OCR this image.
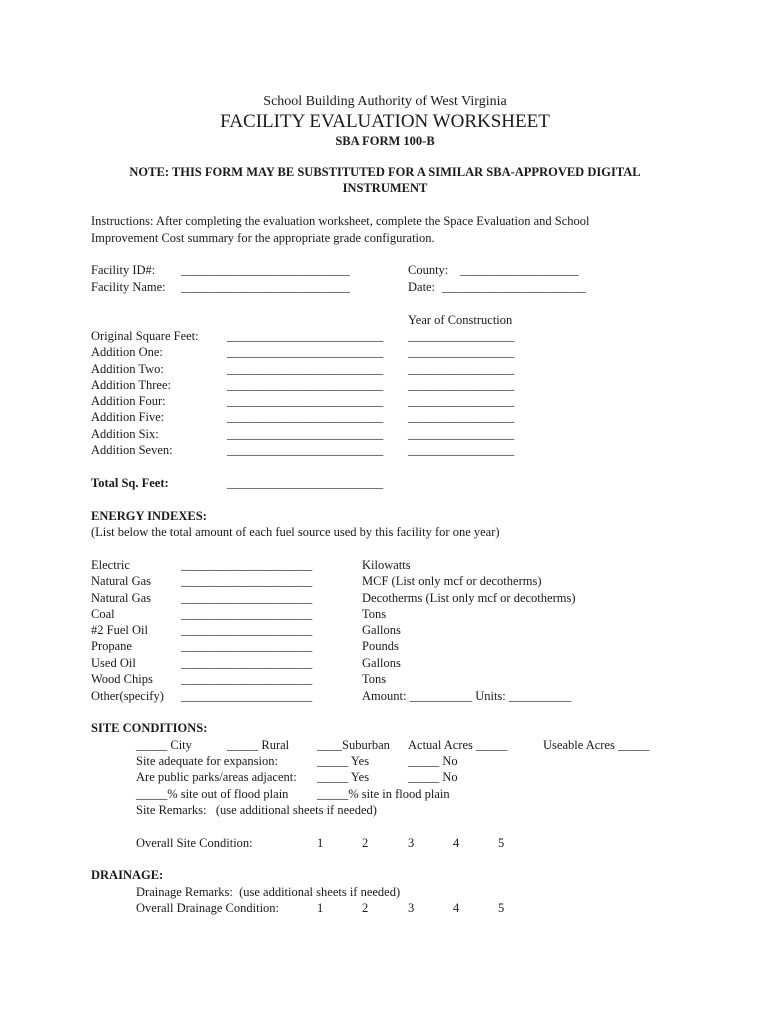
School Building Authority of West Virginia
FACILITY EVALUATION WORKSHEET
SBA FORM 100-B
NOTE: THIS FORM MAY BE SUBSTITUTED FOR A SIMILAR SBA-APPROVED DIGITAL
INSTRUMENT
Instructions: After completing the evaluation worksheet, complete the Space Evaluation and School
Improvement Cost summary for the appropriate grade configuration.
Facility ID#: ___________________________	County: ___________________
Facility Name: ___________________________	Date: _______________________
Year of Construction
Original Square Feet: _________________________ _________________
Addition One:	_________________________ _________________
Addition Two:	_________________________ _________________
Addition Three:	_________________________ _________________
Addition Four:	_________________________ _________________
Addition Five:	_________________________ _________________
Addition Six:	_________________________ _________________
Addition Seven:	_________________________ _________________
Total Sq. Feet:	_________________________
ENERGY INDEXES:
(List below the total amount of each fuel source used by this facility for one year)
Electric	_____________________	Kilowatts
Natural Gas _____________________	MCF (List only mcf or decotherms)
Natural Gas _____________________	Decotherms (List only mcf or decotherms)
Coal	_____________________	Tons
#2 Fuel Oil	_____________________	Gallons
Propane	_____________________	Pounds
Used Oil	_____________________	Gallons
Wood Chips _____________________	Tons
Other(specify) _____________________	Amount: __________ Units: __________
SITE CONDITIONS:
_____ City	_____ Rural ____Suburban Actual Acres _____	Useable Acres _____
Site adequate for expansion:	_____ Yes	_____ No
Are public parks/areas adjacent: _____ Yes	_____ No
_____% site out of flood plain _____% site in flood plain
Site Remarks:   (use additional sheets if needed)
Overall Site Condition:	1	2	3	4	5
DRAINAGE:
Drainage Remarks:  (use additional sheets if needed)
Overall Drainage Condition:	1	2	3	4	5
